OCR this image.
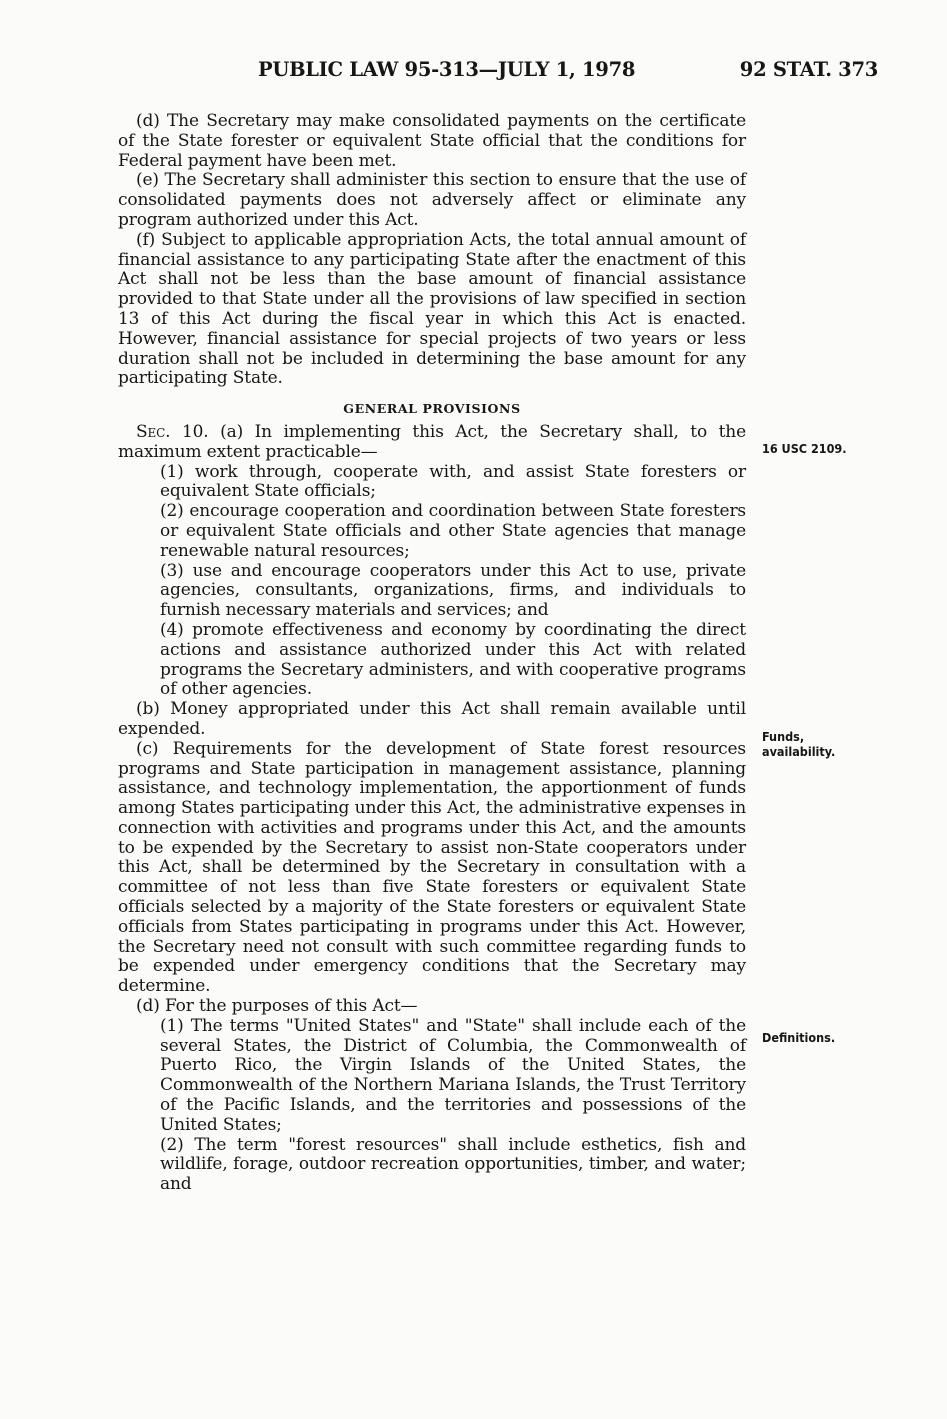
PUBLIC LAW 95-313—JULY 1, 1978	92 STAT. 373

(d) The Secretary may make consolidated payments on the certificate of the State forester or equivalent State official that the conditions for Federal payment have been met.

(e) The Secretary shall administer this section to ensure that the use of consolidated payments does not adversely affect or eliminate any program authorized under this Act.

(f) Subject to applicable appropriation Acts, the total annual amount of financial assistance to any participating State after the enactment of this Act shall not be less than the base amount of financial assistance provided to that State under all the provisions of law specified in section 13 of this Act during the fiscal year in which this Act is enacted. However, financial assistance for special projects of two years or less duration shall not be included in determining the base amount for any participating State.

GENERAL PROVISIONS

Sec. 10. (a) In implementing this Act, the Secretary shall, to the maximum extent practicable—

(1) work through, cooperate with, and assist State foresters or equivalent State officials;

(2) encourage cooperation and coordination between State foresters or equivalent State officials and other State agencies that manage renewable natural resources;

(3) use and encourage cooperators under this Act to use, private agencies, consultants, organizations, firms, and individuals to furnish necessary materials and services; and

(4) promote effectiveness and economy by coordinating the direct actions and assistance authorized under this Act with related programs the Secretary administers, and with cooperative programs of other agencies.

(b) Money appropriated under this Act shall remain available until expended.

(c) Requirements for the development of State forest resources programs and State participation in management assistance, planning assistance, and technology implementation, the apportionment of funds among States participating under this Act, the administrative expenses in connection with activities and programs under this Act, and the amounts to be expended by the Secretary to assist non-State cooperators under this Act, shall be determined by the Secretary in consultation with a committee of not less than five State foresters or equivalent State officials selected by a majority of the State foresters or equivalent State officials from States participating in programs under this Act. However, the Secretary need not consult with such committee regarding funds to be expended under emergency conditions that the Secretary may determine.

(d) For the purposes of this Act—

(1) The terms "United States" and "State" shall include each of the several States, the District of Columbia, the Commonwealth of Puerto Rico, the Virgin Islands of the United States, the Commonwealth of the Northern Mariana Islands, the Trust Territory of the Pacific Islands, and the territories and possessions of the United States;

(2) The term "forest resources" shall include esthetics, fish and wildlife, forage, outdoor recreation opportunities, timber, and water; and

16 USC 2109.
Funds,
availability.
Definitions.
